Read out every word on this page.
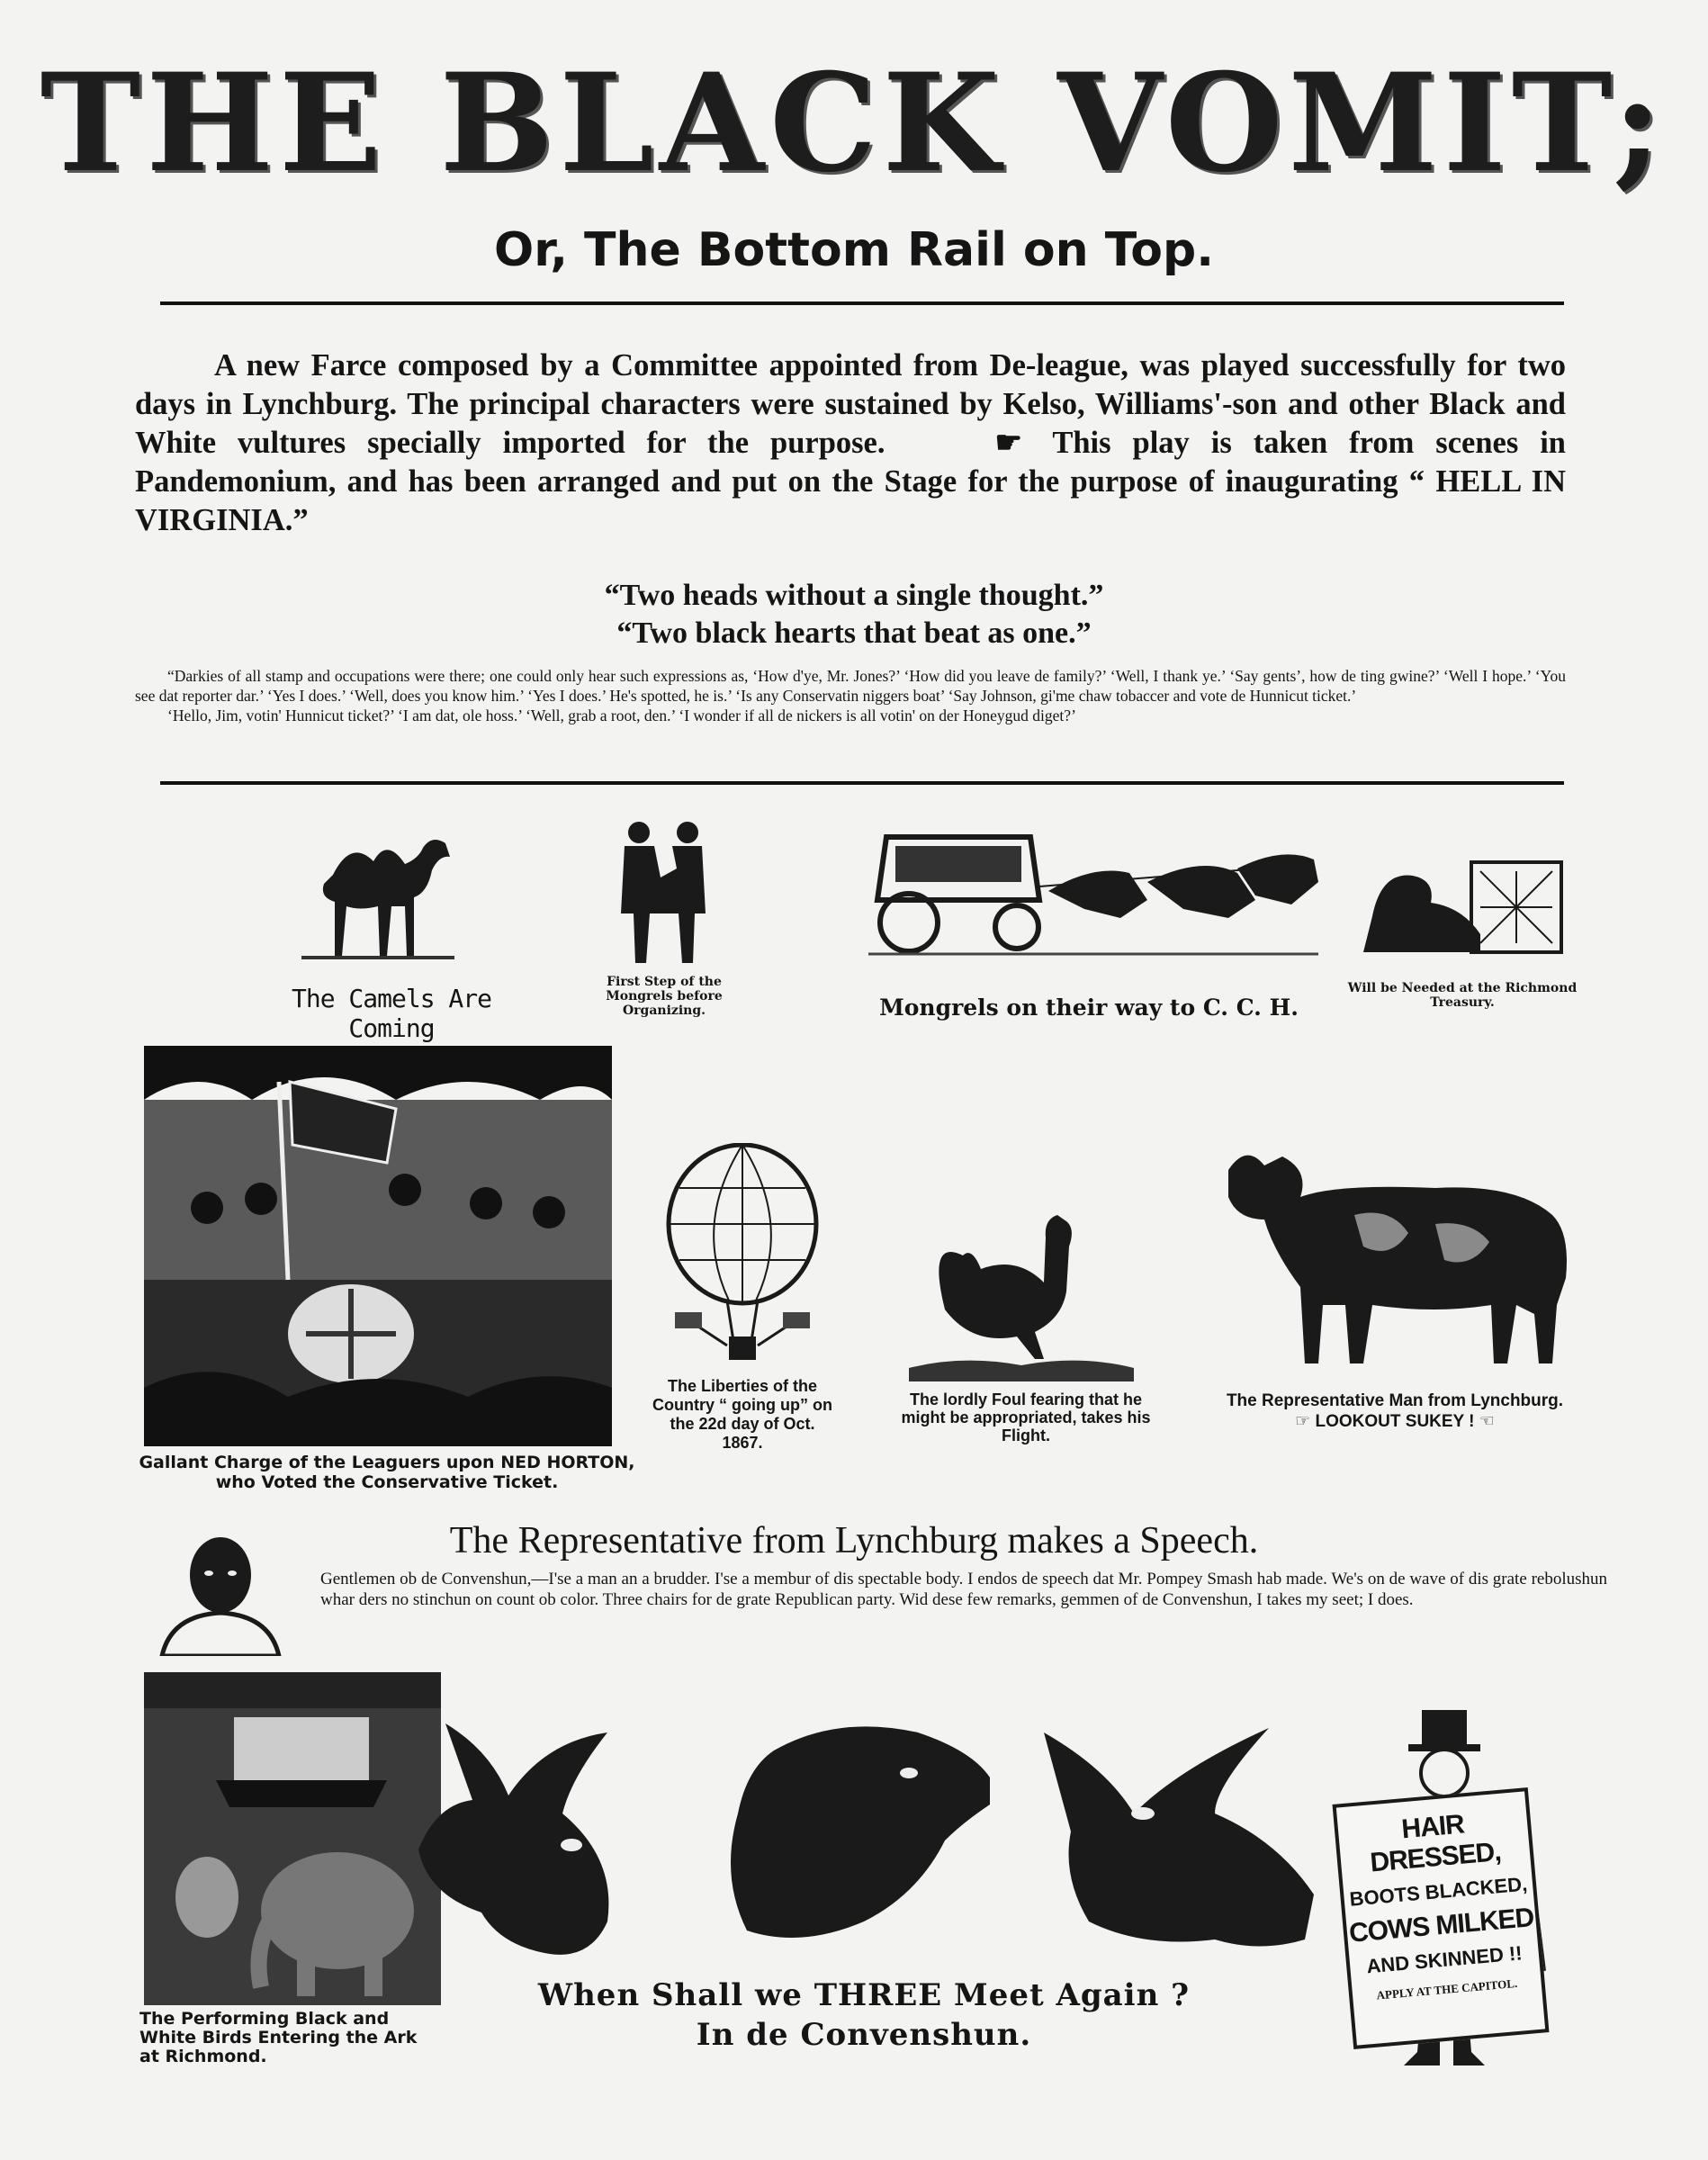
THE BLACK VOMIT;
Or, The Bottom Rail on Top.

A new Farce composed by a Committee appointed from De-league, was played successfully for two days in Lynchburg. The principal characters were sustained by Kelso, Williams'-son and other Black and White vultures specially imported for the purpose.	☛ This play is taken from scenes in Pandemonium, and has been arranged and put on the Stage for the purpose of inaugurating “ HELL IN VIRGINIA.”

“Two heads without a single thought.”
“Two black hearts that beat as one.”

“Darkies of all stamp and occupations were there; one could only hear such expressions as, ‘How d'ye, Mr. Jones?’ ‘How did you leave de family?’ ‘Well, I thank ye.’ ‘Say gents’, how de ting gwine?’ ‘Well I hope.’ ‘You see dat reporter dar.’ ‘Yes I does.’ ‘Well, does you know him.’ ‘Yes I does.’ He's spotted, he is.’ ‘Is any Conservatin niggers boat’ ‘Say Johnson, gi'me chaw tobaccer and vote de Hunnicut ticket.’

‘Hello, Jim, votin' Hunnicut ticket?’ ‘I am dat, ole hoss.’ ‘Well, grab a root, den.’ ‘I wonder if all de nickers is all votin' on der Honeygud diget?’

The Camels Are Coming
First Step of the Mongrels before Organizing.	Mongrels on their way to C. C. H.
Will be Needed at the Richmond Treasury.
Gallant Charge of the Leaguers upon NED HORTON,
who Voted the Conservative Ticket.
The Liberties of the Country “ going up” on the 22d day of Oct. 1867.
The lordly Foul fearing that he might be appropriated, takes his Flight.
The Representative Man from Lynchburg.
☞ LOOKOUT SUKEY ! ☜
The Representative from Lynchburg makes a Speech.

Gentlemen ob de Convenshun,—I'se a man an a brudder. I'se a membur of dis spectable body. I endos de speech dat Mr. Pompey Smash hab made. We's on de wave of dis grate rebolushun whar ders no stinchun on count ob color. Three chairs for de grate Republican party. Wid dese few remarks, gemmen of de Convenshun, I takes my seet; I does.

The Performing Black and White Birds Entering the Ark at Richmond.
When Shall we THREE Meet Again ?
In de Convenshun.
HAIR DRESSED,
BOOTS BLACKED,
COWS MILKED
AND SKINNED !!
APPLY AT THE CAPITOL.
